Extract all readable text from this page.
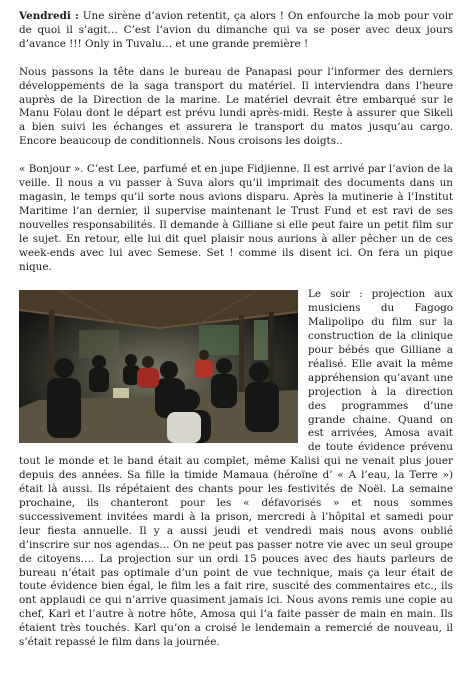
Vendredi : Une sirène d’avion retentit, ça alors ! On enfourche la mob pour voir de quoi il s’agit… C’est l’avion du dimanche qui va se poser avec deux jours d’avance !!! Only in Tuvalu… et une grande première !

Nous passons la tête dans le bureau de Panapasi pour l’informer des derniers développements de la saga transport du matériel. Il interviendra dans l’heure auprès de la Direction de la marine. Le matériel devrait être embarqué sur le Manu Folau dont le départ est prévu lundi après-midi. Reste à assurer que Sikeli a bien suivi les échanges et assurera le transport du matos jusqu’au cargo. Encore beaucoup de conditionnels. Nous croisons les doigts..

« Bonjour ». C’est Lee, parfumé et en jupe Fidjienne. Il est arrivé par l’avion de la veille. Il nous a vu passer à Suva alors qu’il imprimait des documents dans un magasin, le temps qu’il sorte nous avions disparu. Après la mutinerie à l’Institut Maritime l’an dernier, il supervise maintenant le Trust Fund et est ravi de ses nouvelles responsabilités. Il demande à Gilliane si elle peut faire un petit film sur le sujet. En retour, elle lui dit quel plaisir nous aurions à aller pêcher un de ces week-ends avec lui avec Semese. Set ! comme ils disent ici. On fera un pique nique.

Le soir : projection aux musiciens du Fagogo Malipolipo du film sur la construction de la clinique pour bébés que Gilliane a réalisé. Elle avait la même appréhension qu’avant une projection à la direction des programmes d’une grande chaine. Quand on est arrivées, Amosa avait de toute évidence prévenu tout le monde et le band était au complet, même Kalisi qui ne venait plus jouer depuis des années. Sa fille la timide Mamaua (héroïne d’ « A l’eau, la Terre ») était là aussi. Ils répétaient des chants pour les festivités de Noël. La semaine prochaine, ils chanteront pour les « défavorisés » et nous sommes successivement invitées mardi à la prison, mercredi à l’hôpital et samedi pour leur fiesta annuelle. Il y a aussi jeudi et vendredi mais nous avons oublié d’inscrire sur nos agendas… On ne peut pas passer notre vie avec un seul groupe de citoyens…. La projection sur un ordi 15 pouces avec des hauts parleurs de bureau n’était pas optimale d’un point de vue technique, mais ça leur était de toute évidence bien égal, le film les a fait rire, suscité des commentaires etc., ils ont applaudi ce qui n’arrive quasiment jamais ici. Nous avons remis une copie au chef, Karl et l’autre à notre hôte, Amosa qui l’a faite passer de main en main. Ils étaient très touchés. Karl qu’on a croisé le lendemain a remercié de nouveau, il s’était repassé le film dans la journée.
